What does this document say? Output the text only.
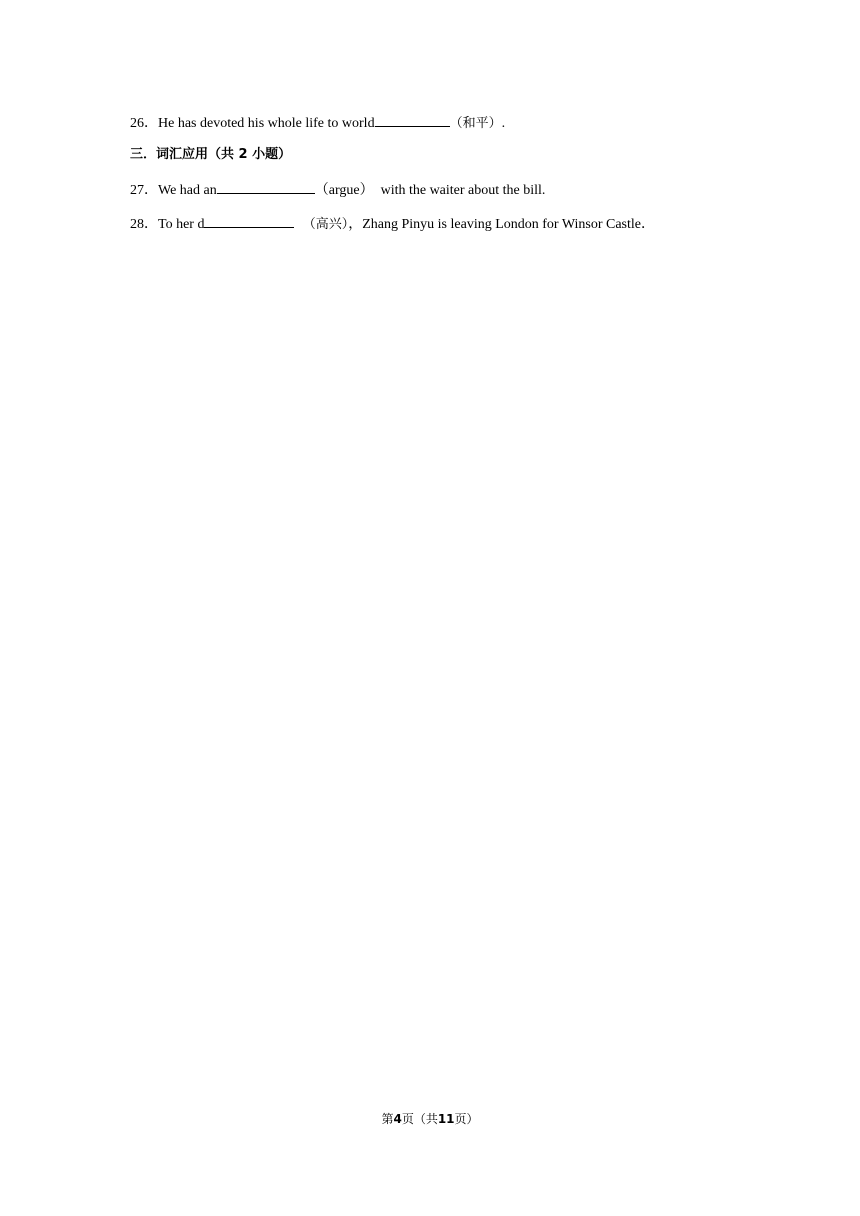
26．He has devoted his whole life to world	（和平）.
三．词汇应用（共 2 小题）
27．We had an	（argue）  with the waiter about the bill.
28．To her d	（高兴），Zhang Pinyu is leaving London for Winsor Castle．
第4页（共11页）
